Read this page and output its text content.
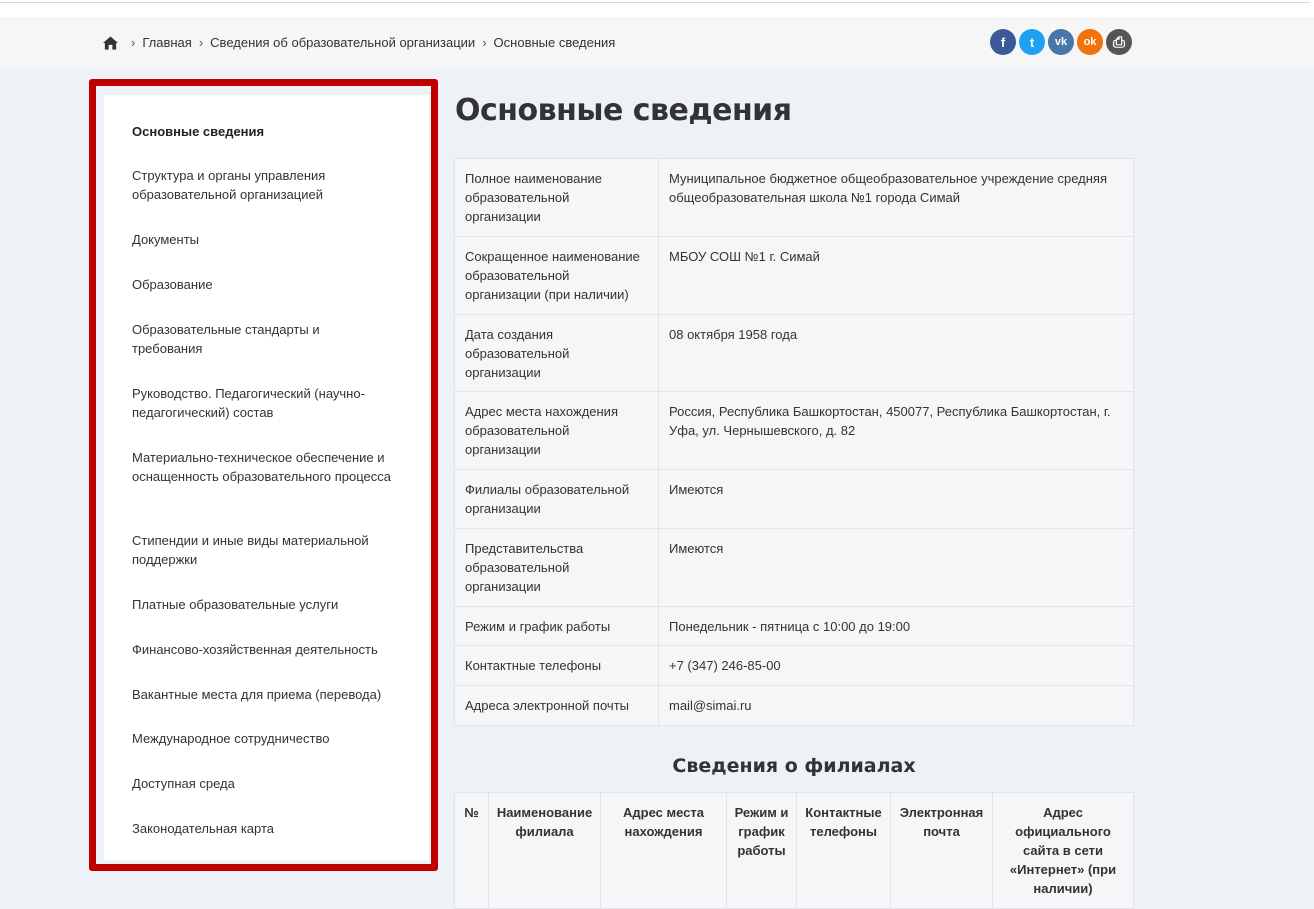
› Главная › Сведения об образовательной организации › Основные сведения	f	t	vk	ok	⎙
Основные сведения
Структура и органы управления образовательной организацией
Документы
Образование
Образовательные стандарты и требования
Руководство. Педагогический (научно-педагогический) состав
Материально-техническое обеспечение и оснащенность образовательного процесса
Стипендии и иные виды материальной поддержки
Платные образовательные услуги
Финансово-хозяйственная деятельность
Вакантные места для приема (перевода)
Международное сотрудничество
Доступная среда
Законодательная карта
Основные сведения
Полное наименование образовательной организации	Муниципальное бюджетное общеобразовательное учреждение средняя общеобразовательная школа №1 города Симай
Сокращенное наименование образовательной организации (при наличии)	МБОУ СОШ №1 г. Симай
Дата создания образовательной организации	08 октября 1958 года
Адрес места нахождения образовательной организации	Россия, Республика Башкортостан, 450077, Республика Башкортостан, г. Уфа, ул. Чернышевского, д. 82
Филиалы образовательной организации	Имеются
Представительства образовательной организации	Имеются
Режим и график работы	Понедельник - пятница с 10:00 до 19:00
Контактные телефоны	+7 (347) 246-85-00
Адреса электронной почты	mail@simai.ru
Сведения о филиалах
№	Наименование филиала	Адрес места нахождения	Режим и график работы	Контактные телефоны	Электронная почта	Адрес официального сайта в сети «Интернет» (при наличии)
